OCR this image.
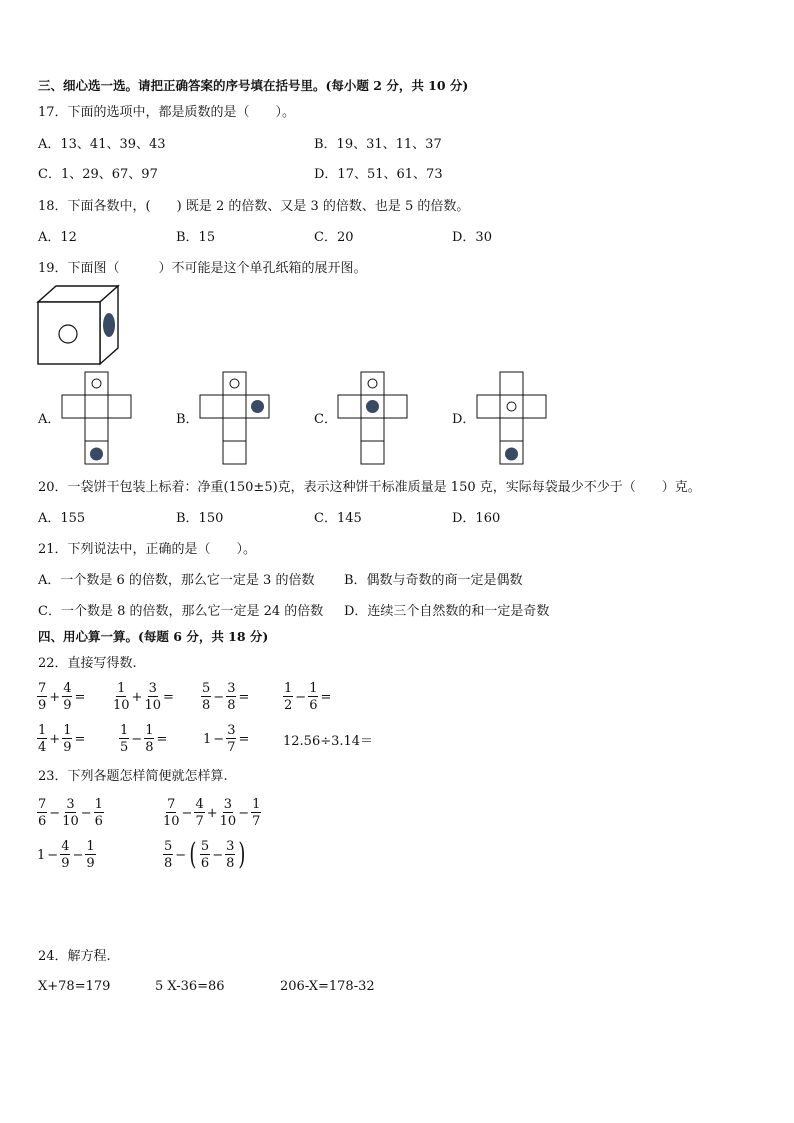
三、细心选一选。请把正确答案的序号填在括号里。(每小题 2 分，共 10 分)
17．下面的选项中，都是质数的是（　　）。
A．13、41、39、43	B．19、31、11、37
C．1、29、67、97	D．17、51、61、73
18．下面各数中，(　　) 既是 2 的倍数、又是 3 的倍数、也是 5 的倍数。
A．12	B．15	C．20	D．30
19．下面图（　　　）不可能是这个单孔纸箱的展开图。
A．	B．	C．	D．
20．一袋饼干包装上标着：净重(150±5)克，表示这种饼干标准质量是 150 克，实际每袋最少不少于（　　）克。
A．155	B．150	C．145	D．160
21．下列说法中，正确的是（　　）。
A．一个数是 6 的倍数，那么它一定是 3 的倍数 B．偶数与奇数的商一定是偶数
C．一个数是 8 的倍数，那么它一定是 24 的倍数 D．连续三个自然数的和一定是奇数
四、用心算一算。(每题 6 分，共 18 分)
22．直接写得数.
$\frac{7}{9} + \frac{4}{9} = \frac{1}{10} + \frac{3}{10} = \frac{5}{8} - \frac{3}{8}$ =	$\frac{1}{2} - \frac{1}{6}$ =
$\frac{1}{4} + \frac{1}{9}$ =	$\frac{1}{5} - \frac{1}{8}$ =	$1 - \frac{3}{7}$ =	12.56÷3.14＝
23．下列各题怎样简便就怎样算.
$\frac{7}{6} - \frac{3}{10} - \frac{1}{6}$	$\frac{7}{10} - \frac{4}{7} + \frac{3}{10} - \frac{1}{7}$
$1 - \frac{4}{9} - \frac{1}{9}$	$\frac{5}{8}$ − ( $\frac{5}{6} - \frac{3}{8}$ )
24．解方程.
X+78=179	5 X-36=86	206-X=178-32
